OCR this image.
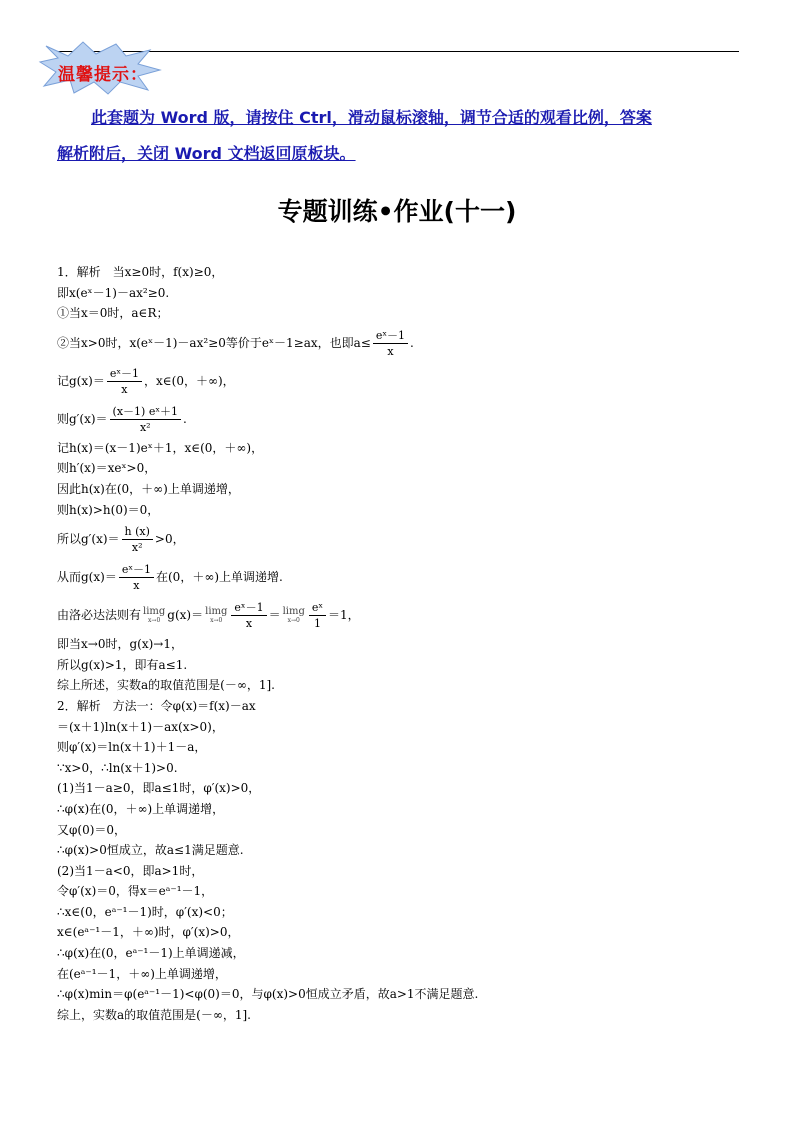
温馨提示：
此套题为 Word 版，请按住 Ctrl，滑动鼠标滚轴，调节合适的观看比例，答案
解析附后，关闭 Word 文档返回原板块。
专题训练•作业(十一)
1．解析　当x≥0时，f(x)≥0，
即x(eˣ－1)－ax²≥0.
①当x＝0时，a∈R；
②当x>0时，x(eˣ－1)－ax²≥0等价于eˣ－1≥ax，也即$a\le \frac{\text{eˣ－1}}{x}$ .
记$g(x)= \frac{\text{eˣ－1}}{x}$ ，x∈(0，＋∞)，
则$g'(x)= \frac{\text{(x－1) eˣ＋1}}{\text{x²}}$ .
记h(x)＝(x－1)eˣ＋1，x∈(0，＋∞)，
则h′(x)＝xeˣ>0，
因此h(x)在(0，＋∞)上单调递增，
则h(x)>h(0)＝0，
所以$g'(x)= \frac{h (x)}{\text{x²}} >0$，
从而$g(x)= \frac{\text{eˣ－1}}{x}$ 在(0，＋∞)上单调递增.
由洛必达法则有 limg
x→0 g(x)＝ limg
$x\to 0 \frac{\text{eˣ－1}}{x} = \lim g$
$x\to 0 \frac{\text{eˣ}}{1} =1$，
即当x→0时，g(x)→1，
所以g(x)>1，即有a≤1.
综上所述，实数a的取值范围是(－∞，1].
2．解析　方法一：令φ(x)＝f(x)－ax
＝(x＋1)ln(x＋1)－ax(x>0)，
则φ′(x)＝ln(x＋1)＋1－a，
∵x>0，∴ln(x＋1)>0.
(1)当1－a≥0，即a≤1时，φ′(x)>0，
∴φ(x)在(0，＋∞)上单调递增，
又φ(0)＝0，
∴φ(x)>0恒成立，故a≤1满足题意.
(2)当1－a<0，即a>1时，
令φ′(x)＝0，得x＝eᵃ⁻¹－1，
∴x∈(0，eᵃ⁻¹－1)时，φ′(x)<0；
x∈(eᵃ⁻¹－1，＋∞)时，φ′(x)>0，
∴φ(x)在(0，eᵃ⁻¹－1)上单调递减，
在(eᵃ⁻¹－1，＋∞)上单调递增，
∴φ(x)min＝φ(eᵃ⁻¹－1)<φ(0)＝0，与φ(x)>0恒成立矛盾，故a>1不满足题意.
综上，实数a的取值范围是(－∞，1].
